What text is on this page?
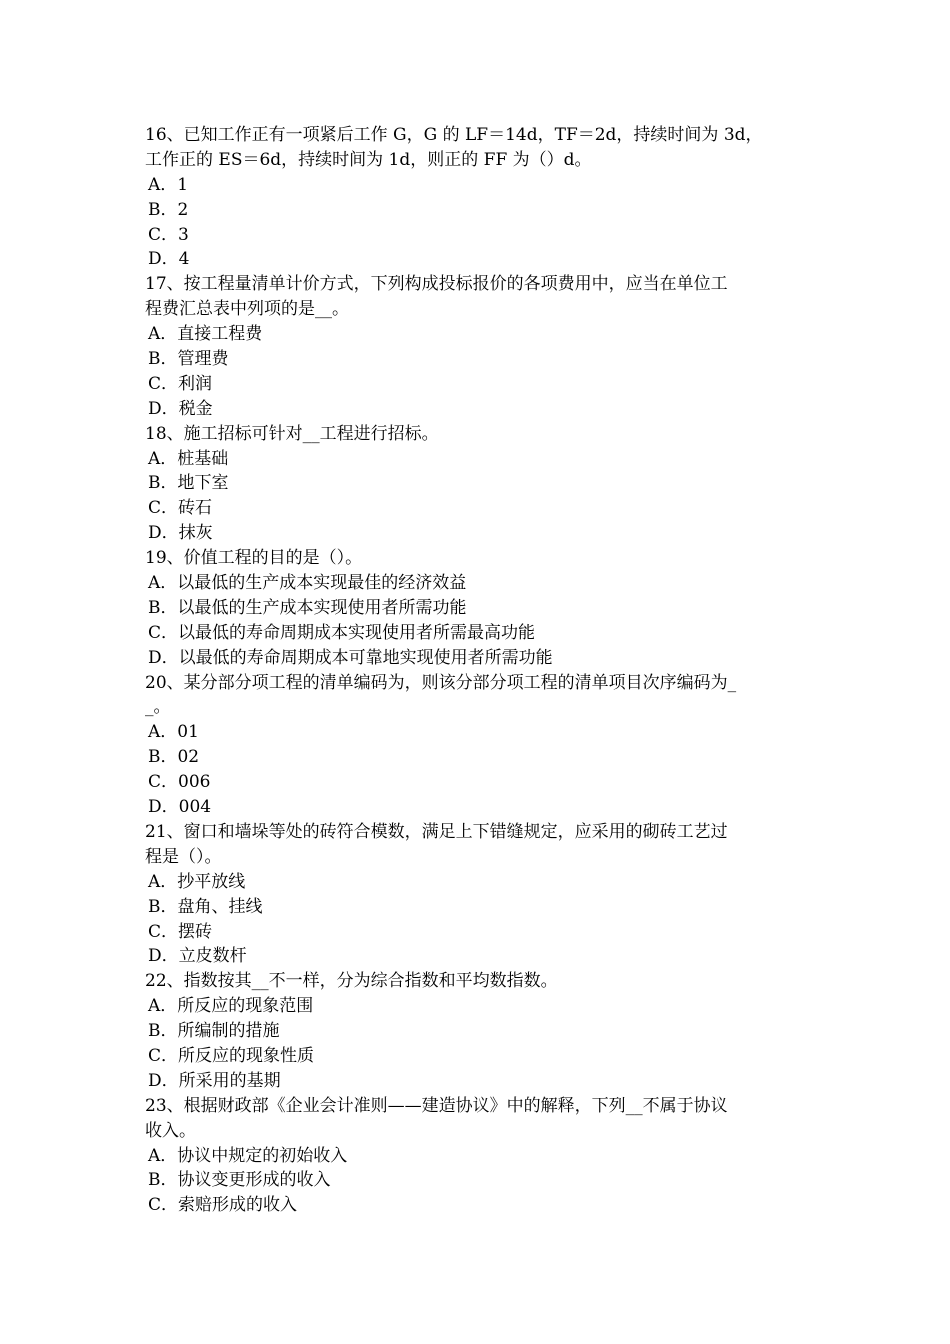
16、已知工作正有一项紧后工作 G，G 的 LF＝14d，TF＝2d，持续时间为 3d，
工作正的 ES＝6d，持续时间为 1d，则正的 FF 为（）d。
A．1
B．2
C．3
D．4
17、按工程量清单计价方式，下列构成投标报价的各项费用中，应当在单位工
程费汇总表中列项的是__。
A．直接工程费
B．管理费
C．利润
D．税金
18、施工招标可针对__工程进行招标。
A．桩基础
B．地下室
C．砖石
D．抹灰
19、价值工程的目的是（）。
A．以最低的生产成本实现最佳的经济效益
B．以最低的生产成本实现使用者所需功能
C．以最低的寿命周期成本实现使用者所需最高功能
D．以最低的寿命周期成本可靠地实现使用者所需功能
20、某分部分项工程的清单编码为，则该分部分项工程的清单项目次序编码为_
_。
A．01
B．02
C．006
D．004
21、窗口和墙垛等处的砖符合模数，满足上下错缝规定，应采用的砌砖工艺过
程是（）。
A．抄平放线
B．盘角、挂线
C．摆砖
D．立皮数杆
22、指数按其__不一样，分为综合指数和平均数指数。
A．所反应的现象范围
B．所编制的措施
C．所反应的现象性质
D．所采用的基期
23、根据财政部《企业会计准则——建造协议》中的解释，下列__不属于协议
收入。
A．协议中规定的初始收入
B．协议变更形成的收入
C．索赔形成的收入
